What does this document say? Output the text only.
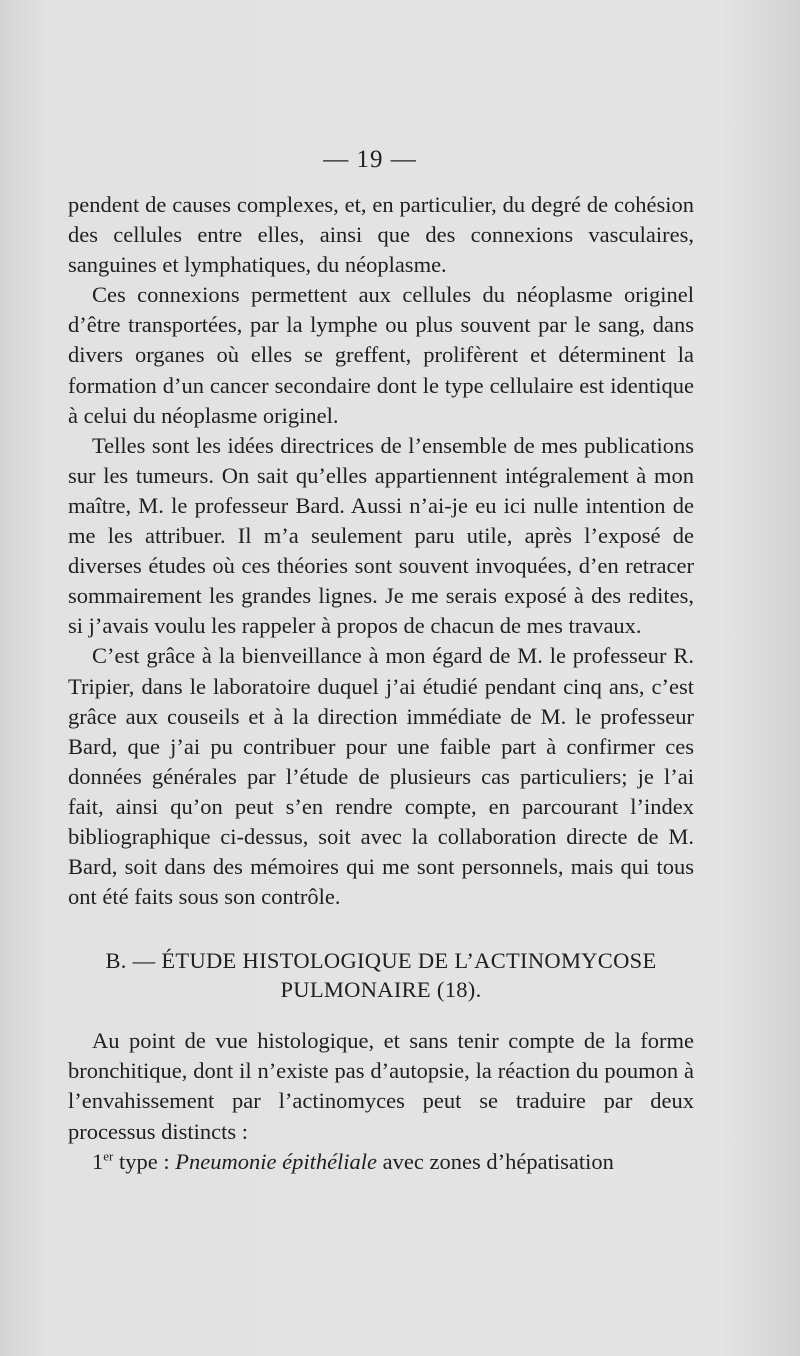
— 19 —

pendent de causes complexes, et, en particulier, du degré de cohésion des cellules entre elles, ainsi que des connexions vasculaires, sanguines et lymphatiques, du néoplasme.

Ces connexions permettent aux cellules du néoplasme originel d’être transportées, par la lymphe ou plus souvent par le sang, dans divers organes où elles se greffent, prolifèrent et déterminent la formation d’un cancer secondaire dont le type cellulaire est identique à celui du néoplasme originel.

Telles sont les idées directrices de l’ensemble de mes publications sur les tumeurs. On sait qu’elles appartiennent intégralement à mon maître, M. le professeur Bard. Aussi n’ai-je eu ici nulle intention de me les attribuer. Il m’a seulement paru utile, après l’exposé de diverses études où ces théories sont souvent invoquées, d’en retracer sommairement les grandes lignes. Je me serais exposé à des redites, si j’avais voulu les rappeler à propos de chacun de mes travaux.

C’est grâce à la bienveillance à mon égard de M. le professeur R. Tripier, dans le laboratoire duquel j’ai étudié pendant cinq ans, c’est grâce aux couseils et à la direction immédiate de M. le professeur Bard, que j’ai pu contribuer pour une faible part à confirmer ces données générales par l’étude de plusieurs cas particuliers; je l’ai fait, ainsi qu’on peut s’en rendre compte, en parcourant l’index bibliographique ci-dessus, soit avec la collaboration directe de M. Bard, soit dans des mémoires qui me sont personnels, mais qui tous ont été faits sous son contrôle.

B. — ÉTUDE HISTOLOGIQUE DE L’ACTINOMYCOSE
PULMONAIRE (18).

Au point de vue histologique, et sans tenir compte de la forme bronchitique, dont il n’existe pas d’autopsie, la réaction du poumon à l’envahissement par l’actinomyces peut se traduire par deux processus distincts :

1er type : Pneumonie épithéliale avec zones d’hépatisation
